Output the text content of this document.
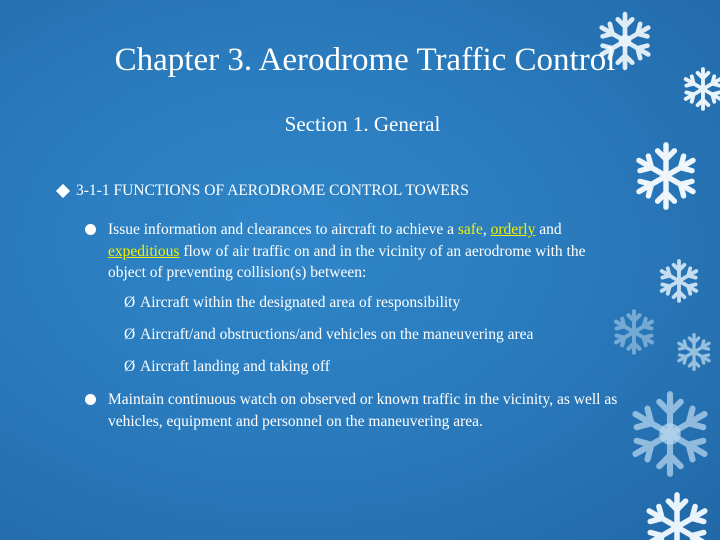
Chapter 3. Aerodrome Traffic Control
Section 1. General
3-1-1 FUNCTIONS OF AERODROME CONTROL TOWERS
Issue information and clearances to aircraft to achieve a safe, orderly and expeditious flow of air traffic on and in the vicinity of an aerodrome with the object of preventing collision(s) between:
Ø Aircraft within the designated area of responsibility
Ø Aircraft/and obstructions/and vehicles on the maneuvering area
Ø Aircraft landing and taking off
Maintain continuous watch on observed or known traffic in the vicinity, as well as vehicles, equipment and personnel on the maneuvering area.
